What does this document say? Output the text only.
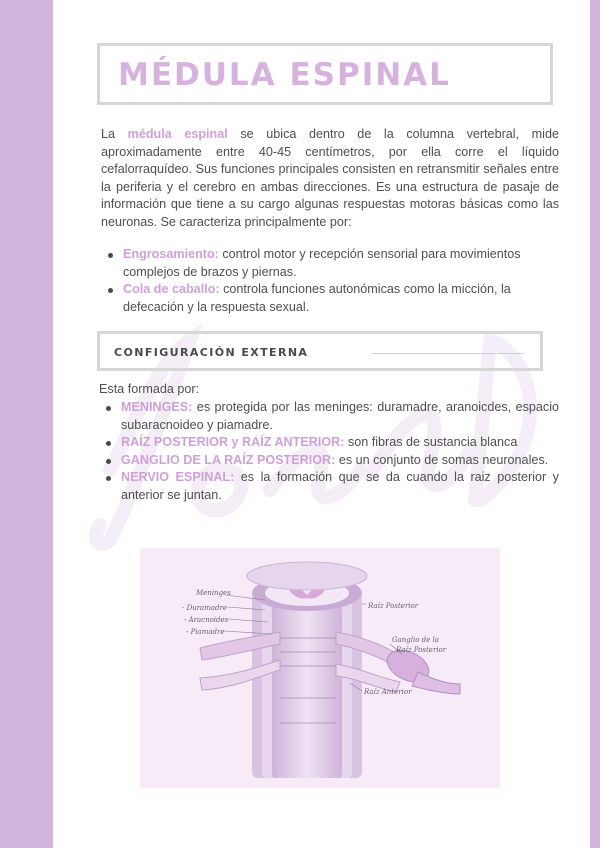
MÉDULA ESPINAL
La médula espinal se ubica dentro de la columna vertebral, mide aproximadamente entre 40-45 centímetros, por ella corre el líquido cefalorraquídeo. Sus funciones principales consisten en retransmitir señales entre la periferia y el cerebro en ambas direcciones. Es una estructura de pasaje de información que tiene a su cargo algunas respuestas motoras básicas como las neuronas. Se caracteriza principalmente por:
Engrosamiento: control motor y recepción sensorial para movimientos complejos de brazos y piernas.
Cola de caballo: controla funciones autonómicas como la micción, la defecación y la respuesta sexual.
CONFIGURACIÓN EXTERNA
Esta formada por:
MENINGES: es protegida por las meninges: duramadre, aranoicdes, espacio subaracnoideo y piamadre.
RAÍZ POSTERIOR y RAÍZ ANTERIOR: son fibras de sustancia blanca
GANGLIO DE LA RAÍZ POSTERIOR: es un conjunto de somas neuronales.
NERVIO ESPINAL: es la formación que se da cuando la raiz posterior y anterior se juntan.
Meninges
- Duramadre
- Aracnoides
- Piamadre
Raíz Posterior
Ganglio de la
Raíz Posterior
Raíz Anterior
